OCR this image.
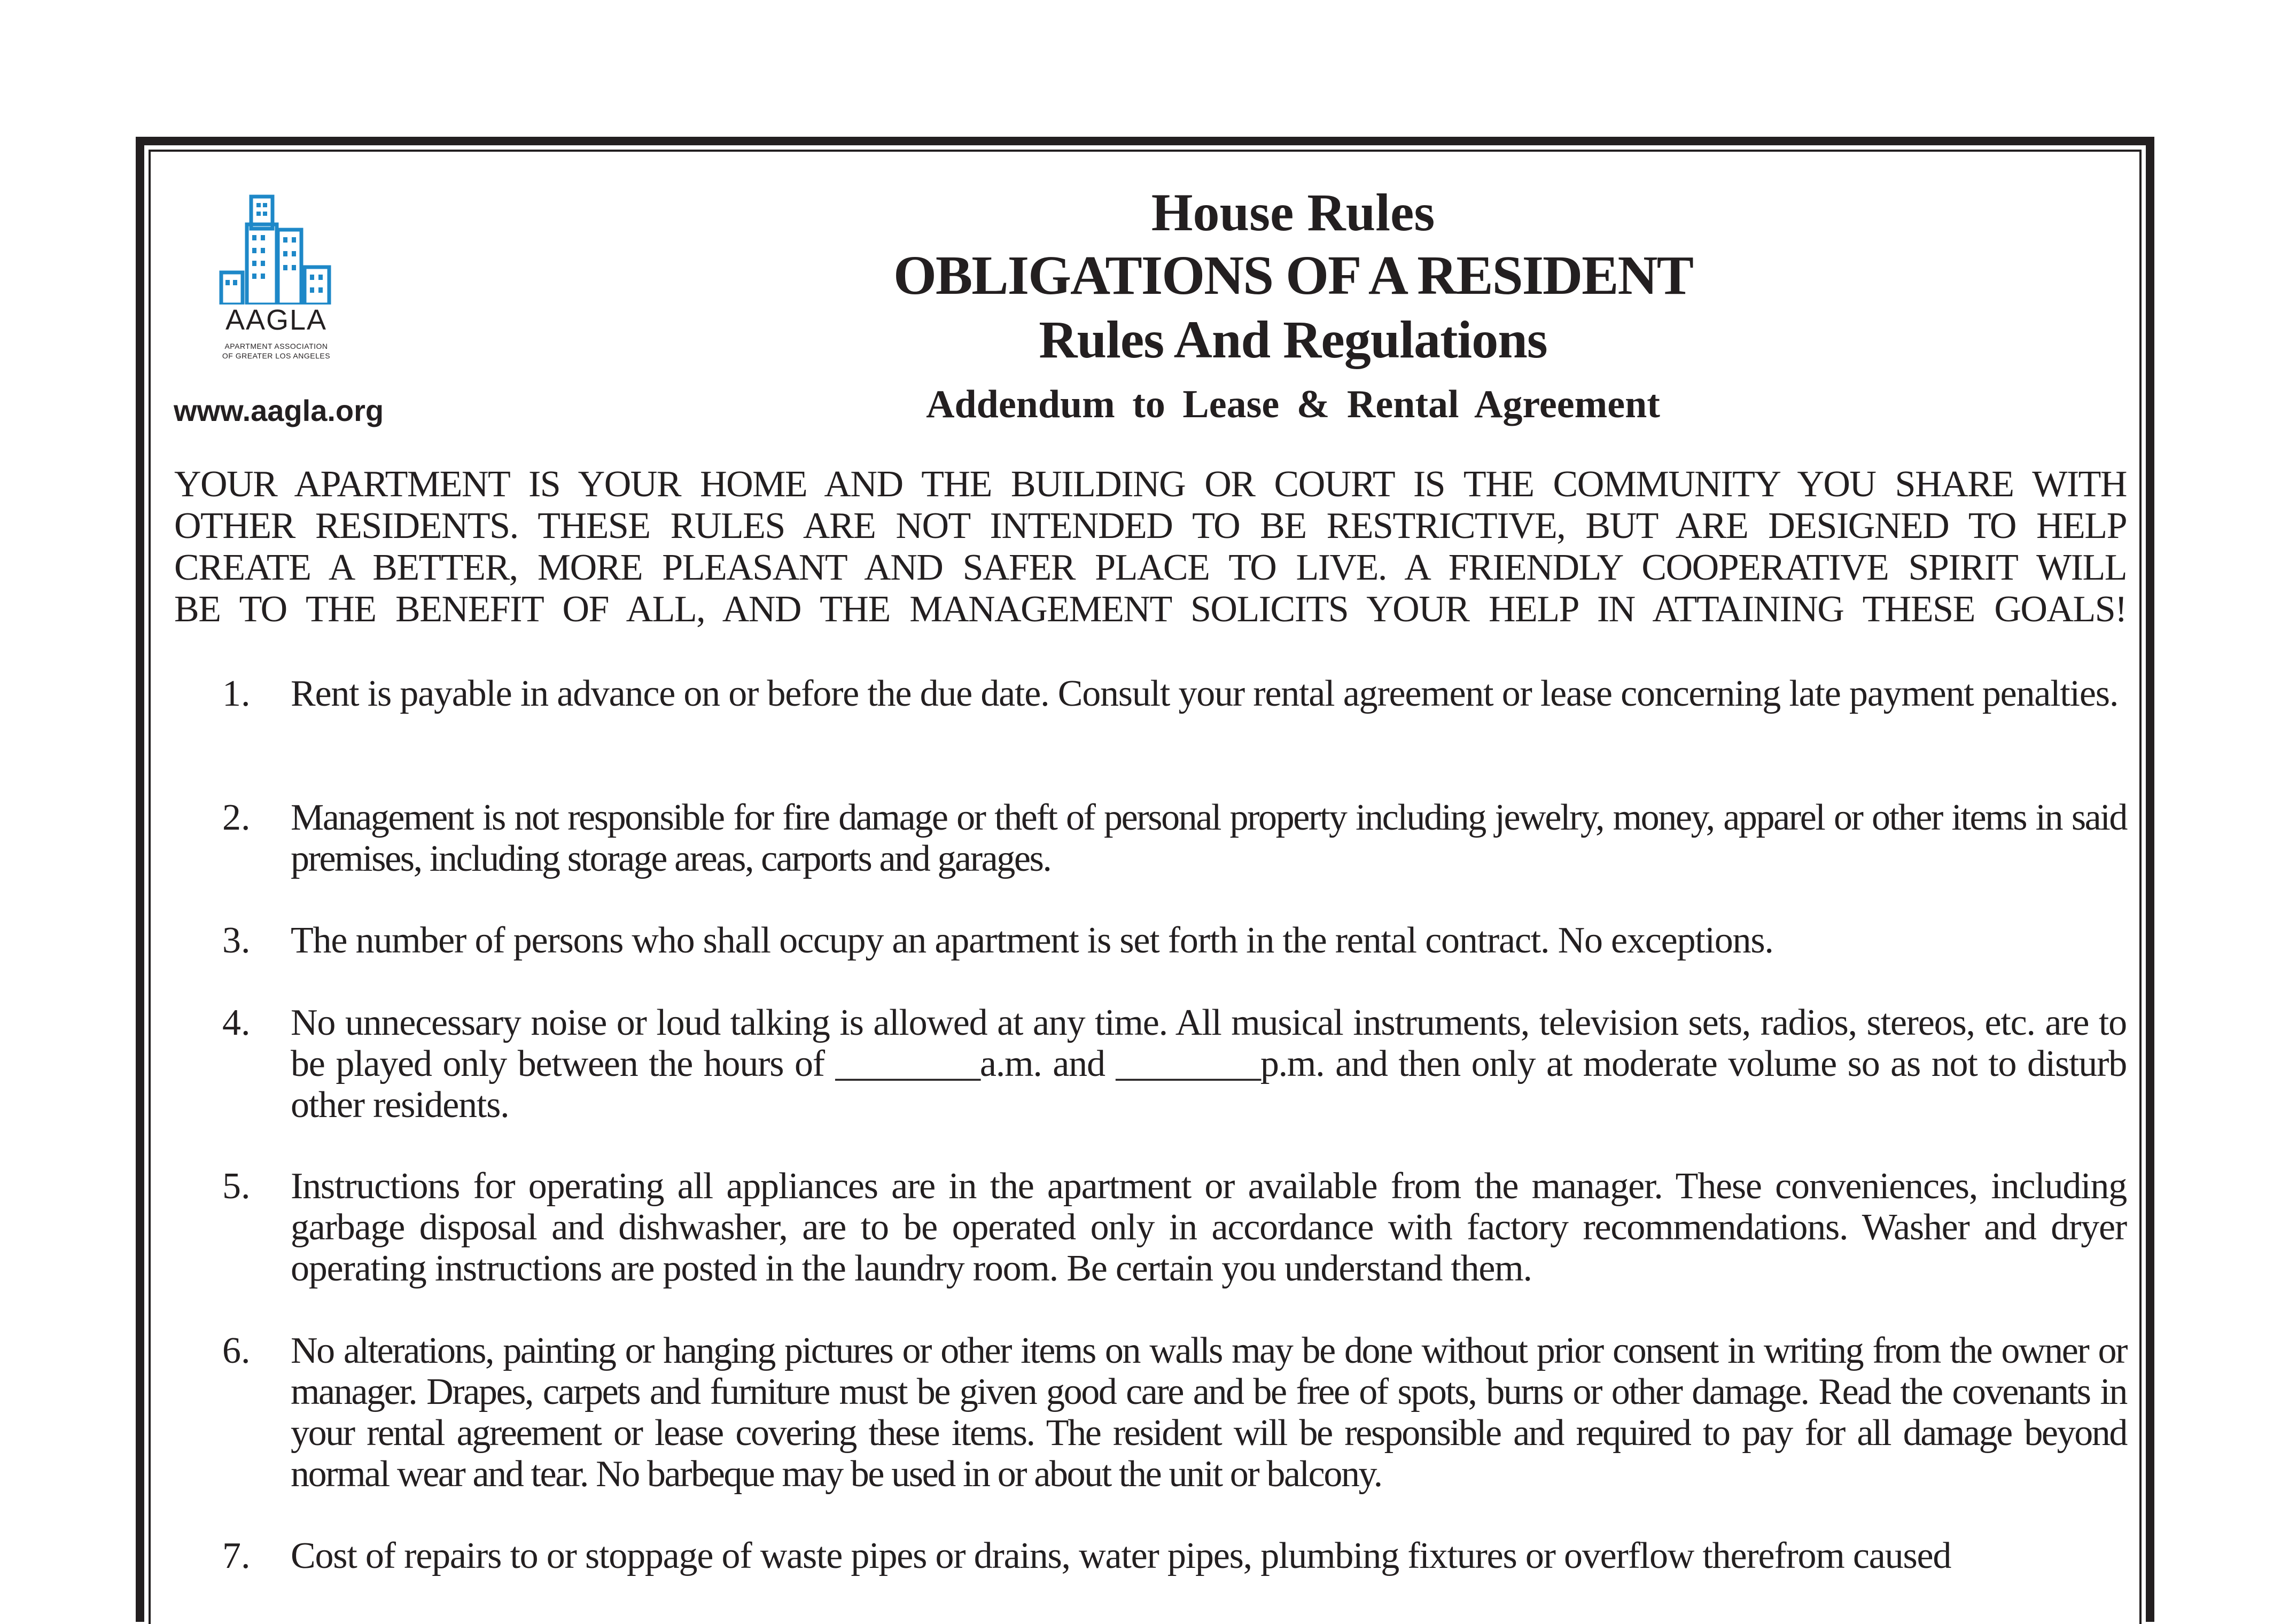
AAGLA
APARTMENT ASSOCIATION
OF GREATER LOS ANGELES
www.aagla.org
House Rules
OBLIGATIONS OF A RESIDENT
Rules And Regulations
Addendum to Lease & Rental Agreement
YOUR APARTMENT IS YOUR HOME AND THE BUILDING OR COURT IS THE COMMUNITY YOU SHARE WITH
OTHER RESIDENTS. THESE RULES ARE NOT INTENDED TO BE RESTRICTIVE, BUT ARE DESIGNED TO HELP
CREATE A BETTER, MORE PLEASANT AND SAFER PLACE TO LIVE. A FRIENDLY COOPERATIVE SPIRIT WILL
BE TO THE BENEFIT OF ALL, AND THE MANAGEMENT SOLICITS YOUR HELP IN ATTAINING THESE GOALS!
1.	Rent is payable in advance on or before the due date. Consult your rental agreement or lease concerning late payment penalties.
2.	Management is not responsible for fire damage or theft of personal property including jewelry, money, apparel or other items in said premises, including storage areas, carports and garages.
3.	The number of persons who shall occupy an apartment is set forth in the rental contract. No exceptions.
4.	No unnecessary noise or loud talking is allowed at any time. All musical instruments, television sets, radios, stereos, etc. are to be played only between the hours of ________a.m. and ________p.m. and then only at moderate volume so as not to disturb other residents.
5.	Instructions for operating all appliances are in the apartment or available from the manager. These conveniences, including garbage disposal and dishwasher, are to be operated only in accordance with factory recommendations. Washer and dryer operating instructions are posted in the laundry room. Be certain you understand them.
6.	No alterations, painting or hanging pictures or other items on walls may be done without prior consent in writing from the owner or manager. Drapes, carpets and furniture must be given good care and be free of spots, burns or other damage. Read the covenants in your rental agreement or lease covering these items. The resident will be responsible and required to pay for all damage beyond normal wear and tear. No barbeque may be used in or about the unit or balcony.
7.	Cost of repairs to or stoppage of waste pipes or drains, water pipes, plumbing fixtures or overflow therefrom caused
